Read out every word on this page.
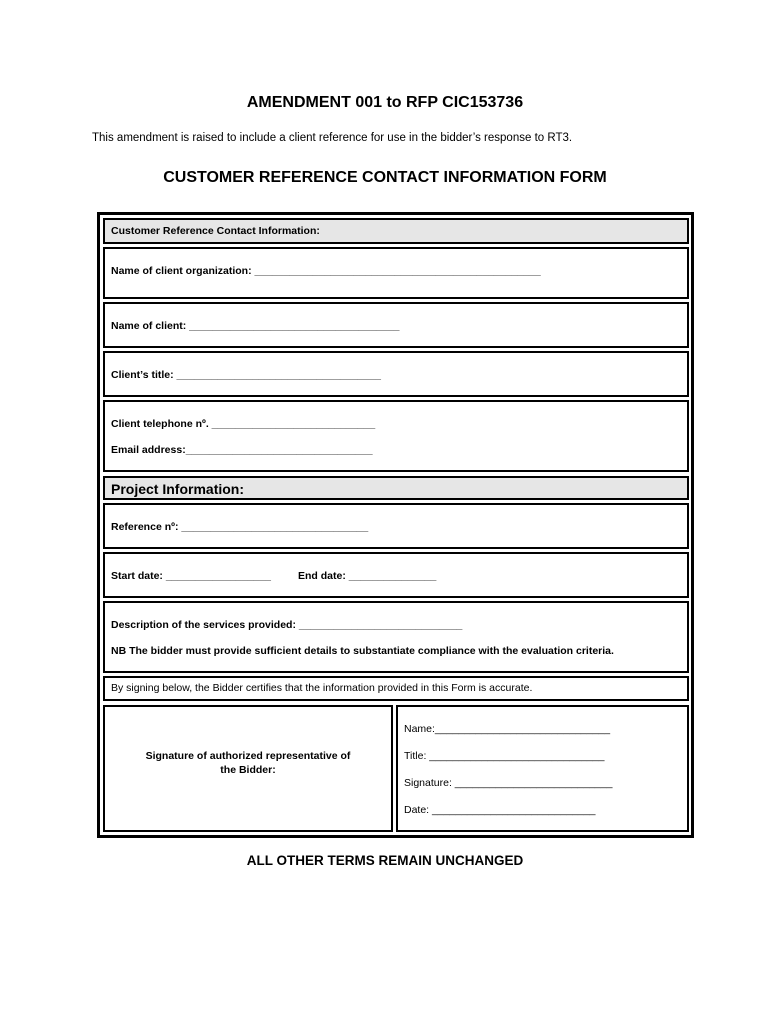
AMENDMENT 001 to RFP CIC153736
This amendment is raised to include a client reference for use in the bidder’s response to RT3.
CUSTOMER REFERENCE CONTACT INFORMATION FORM
Customer Reference Contact Information:
Name of client organization: _________________________________________________
Name of client: ____________________________________
Client’s title: ___________________________________
Client telephone nº. ____________________________
Email address:________________________________
Project Information:
Reference nº: ________________________________
Start date: __________________	End date: _______________
Description of the services provided: ____________________________
NB The bidder must provide sufficient details to substantiate compliance with the evaluation criteria.
By signing below, the Bidder certifies that the information provided in this Form is accurate.
Signature of authorized representative of
the Bidder:
Name:______________________________
Title: ______________________________
Signature: ___________________________
Date: ____________________________
ALL OTHER TERMS REMAIN UNCHANGED
